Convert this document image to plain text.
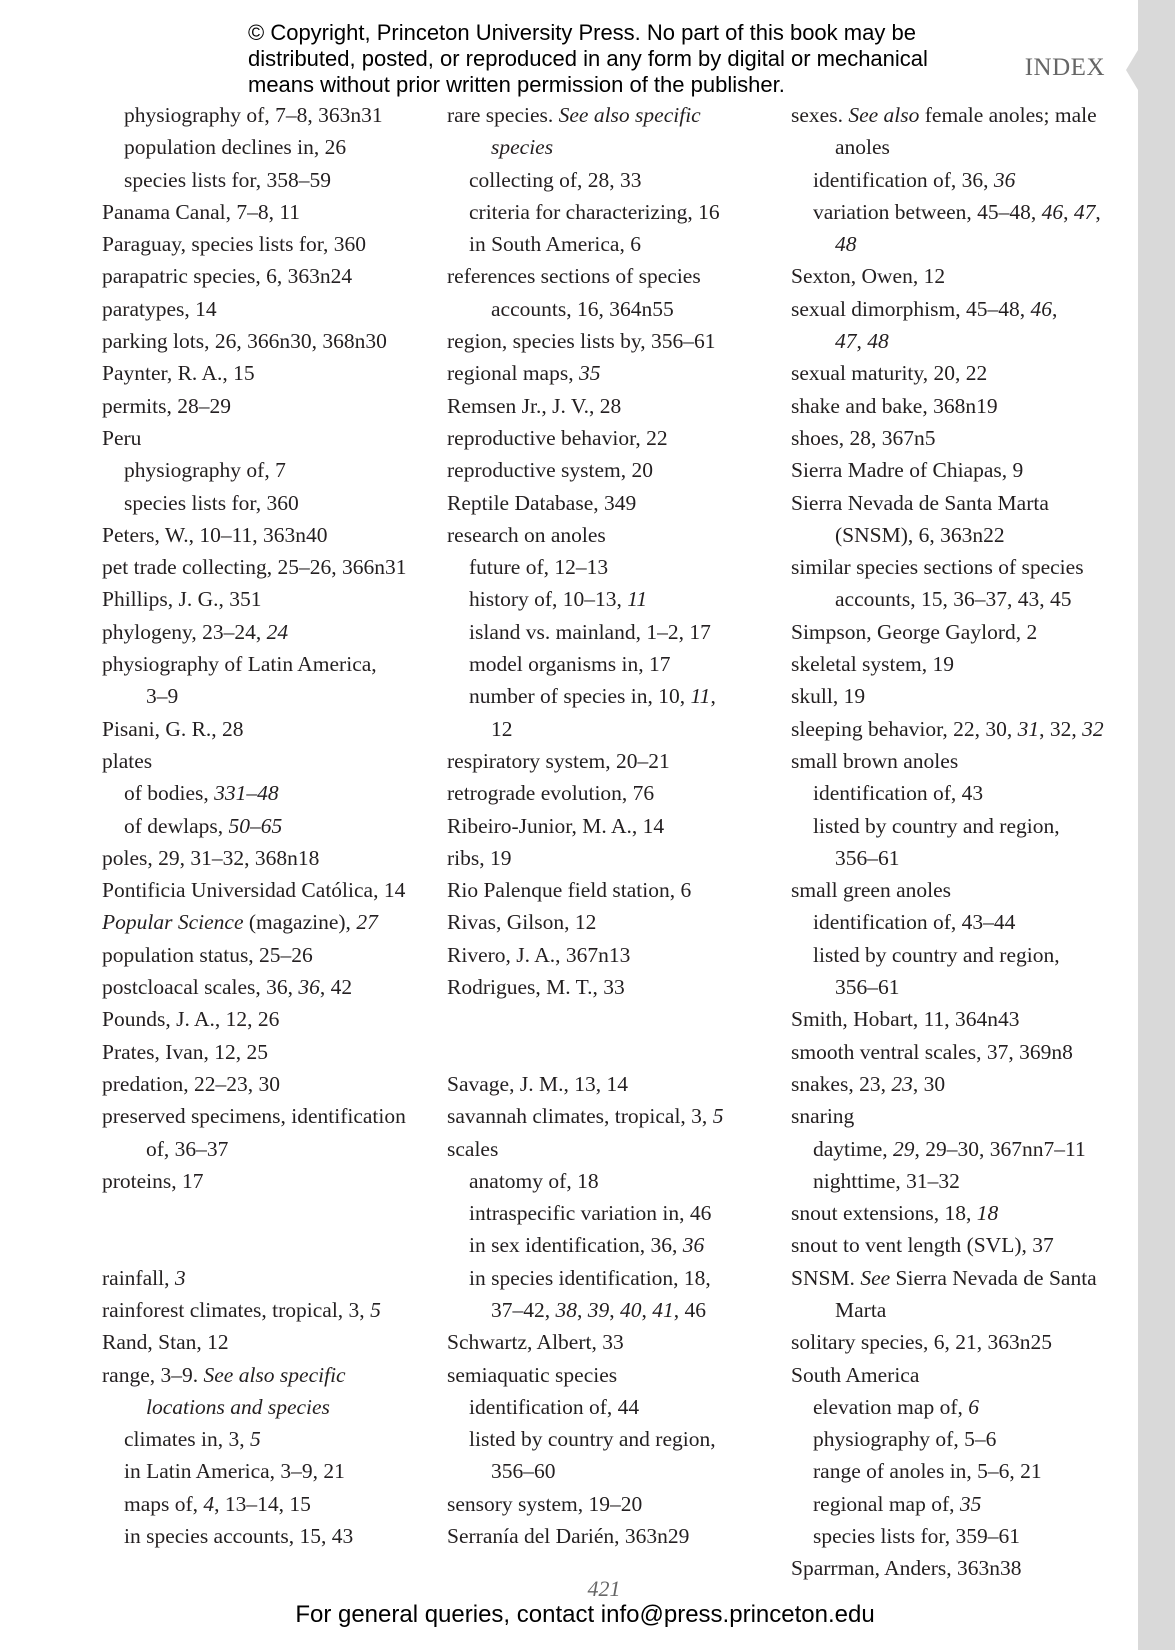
© Copyright, Princeton University Press. No part of this book may be
distributed, posted, or reproduced in any form by digital or mechanical
means without prior written permission of the publisher.
INDEX
physiography of, 7–8, 363n31
population declines in, 26
species lists for, 358–59
Panama Canal, 7–8, 11
Paraguay, species lists for, 360
parapatric species, 6, 363n24
paratypes, 14
parking lots, 26, 366n30, 368n30
Paynter, R. A., 15
permits, 28–29
Peru
physiography of, 7
species lists for, 360
Peters, W., 10–11, 363n40
pet trade collecting, 25–26, 366n31
Phillips, J. G., 351
phylogeny, 23–24, 24
physiography of Latin America,
3–9
Pisani, G. R., 28
plates
of bodies, 331–48
of dewlaps, 50–65
poles, 29, 31–32, 368n18
Pontificia Universidad Católica, 14
Popular Science (magazine), 27
population status, 25–26
postcloacal scales, 36, 36, 42
Pounds, J. A., 12, 26
Prates, Ivan, 12, 25
predation, 22–23, 30
preserved specimens, identification
of, 36–37
proteins, 17
rainfall, 3
rainforest climates, tropical, 3, 5
Rand, Stan, 12
range, 3–9. See also specific
locations and species
climates in, 3, 5
in Latin America, 3–9, 21
maps of, 4, 13–14, 15
in species accounts, 15, 43
rare species. See also specific
species
collecting of, 28, 33
criteria for characterizing, 16
in South America, 6
references sections of species
accounts, 16, 364n55
region, species lists by, 356–61
regional maps, 35
Remsen Jr., J. V., 28
reproductive behavior, 22
reproductive system, 20
Reptile Database, 349
research on anoles
future of, 12–13
history of, 10–13, 11
island vs. mainland, 1–2, 17
model organisms in, 17
number of species in, 10, 11,
12
respiratory system, 20–21
retrograde evolution, 76
Ribeiro-Junior, M. A., 14
ribs, 19
Rio Palenque field station, 6
Rivas, Gilson, 12
Rivero, J. A., 367n13
Rodrigues, M. T., 33
Savage, J. M., 13, 14
savannah climates, tropical, 3, 5
scales
anatomy of, 18
intraspecific variation in, 46
in sex identification, 36, 36
in species identification, 18,
37–42, 38, 39, 40, 41, 46
Schwartz, Albert, 33
semiaquatic species
identification of, 44
listed by country and region,
356–60
sensory system, 19–20
Serranía del Darién, 363n29
sexes. See also female anoles; male
anoles
identification of, 36, 36
variation between, 45–48, 46, 47,
48
Sexton, Owen, 12
sexual dimorphism, 45–48, 46,
47, 48
sexual maturity, 20, 22
shake and bake, 368n19
shoes, 28, 367n5
Sierra Madre of Chiapas, 9
Sierra Nevada de Santa Marta
(SNSM), 6, 363n22
similar species sections of species
accounts, 15, 36–37, 43, 45
Simpson, George Gaylord, 2
skeletal system, 19
skull, 19
sleeping behavior, 22, 30, 31, 32, 32
small brown anoles
identification of, 43
listed by country and region,
356–61
small green anoles
identification of, 43–44
listed by country and region,
356–61
Smith, Hobart, 11, 364n43
smooth ventral scales, 37, 369n8
snakes, 23, 23, 30
snaring
daytime, 29, 29–30, 367nn7–11
nighttime, 31–32
snout extensions, 18, 18
snout to vent length (SVL), 37
SNSM. See Sierra Nevada de Santa
Marta
solitary species, 6, 21, 363n25
South America
elevation map of, 6
physiography of, 5–6
range of anoles in, 5–6, 21
regional map of, 35
species lists for, 359–61
Sparrman, Anders, 363n38
421
For general queries, contact info@press.princeton.edu
